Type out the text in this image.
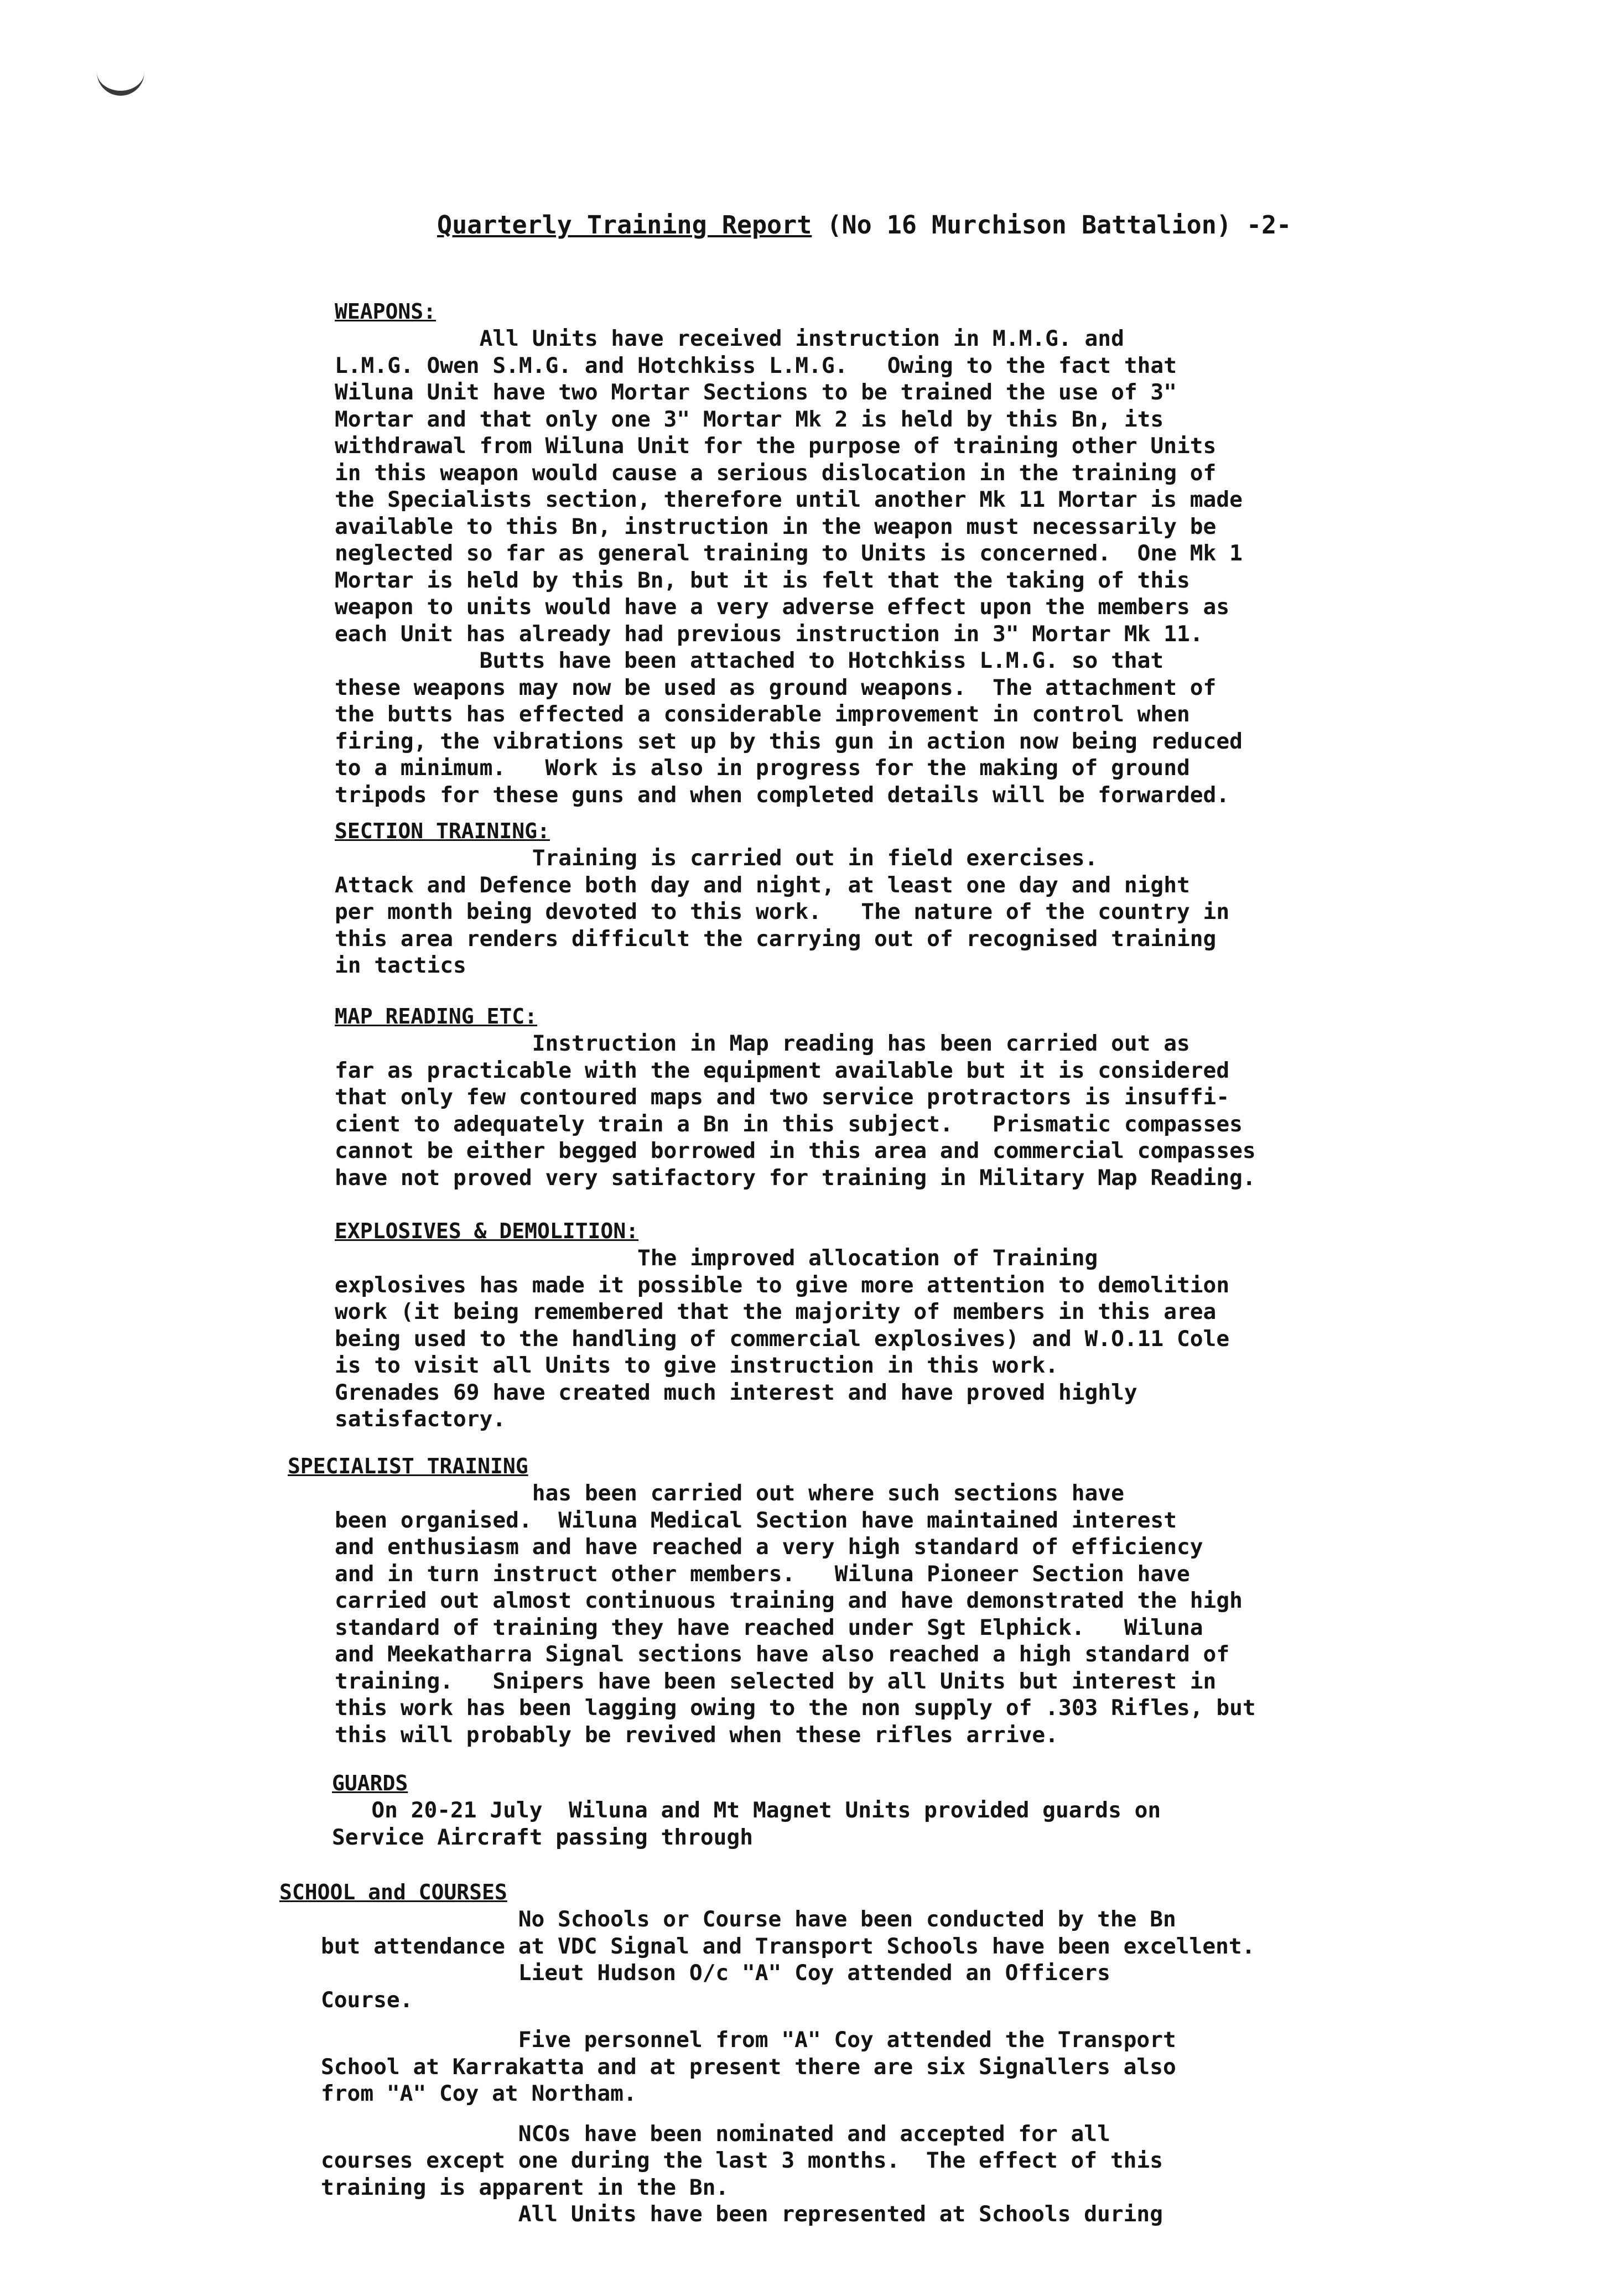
Quarterly Training Report (No 16 Murchison Battalion) -2-
WEAPONS:
All Units have received instruction in M.M.G. and
L.M.G. Owen S.M.G. and Hotchkiss L.M.G.   Owing to the fact that
Wiluna Unit have two Mortar Sections to be trained the use of 3"
Mortar and that only one 3" Mortar Mk 2 is held by this Bn, its
withdrawal from Wiluna Unit for the purpose of training other Units
in this weapon would cause a serious dislocation in the training of
the Specialists section, therefore until another Mk 11 Mortar is made
available to this Bn, instruction in the weapon must necessarily be
neglected so far as general training to Units is concerned.  One Mk 1
Mortar is held by this Bn, but it is felt that the taking of this
weapon to units would have a very adverse effect upon the members as
each Unit has already had previous instruction in 3" Mortar Mk 11.
Butts have been attached to Hotchkiss L.M.G. so that
these weapons may now be used as ground weapons.  The attachment of
the butts has effected a considerable improvement in control when
firing, the vibrations set up by this gun in action now being reduced
to a minimum.   Work is also in progress for the making of ground
tripods for these guns and when completed details will be forwarded.
SECTION TRAINING:
Training is carried out in field exercises.
Attack and Defence both day and night, at least one day and night
per month being devoted to this work.   The nature of the country in
this area renders difficult the carrying out of recognised training
in tactics
MAP READING ETC:
Instruction in Map reading has been carried out as
far as practicable with the equipment available but it is considered
that only few contoured maps and two service protractors is insuffi-
cient to adequately train a Bn in this subject.   Prismatic compasses
cannot be either begged borrowed in this area and commercial compasses
have not proved very satifactory for training in Military Map Reading.
EXPLOSIVES & DEMOLITION:
The improved allocation of Training
explosives has made it possible to give more attention to demolition
work (it being remembered that the majority of members in this area
being used to the handling of commercial explosives) and W.O.11 Cole
is to visit all Units to give instruction in this work.
Grenades 69 have created much interest and have proved highly
satisfactory.
SPECIALIST TRAINING
has been carried out where such sections have
been organised.  Wiluna Medical Section have maintained interest
and enthusiasm and have reached a very high standard of efficiency
and in turn instruct other members.   Wiluna Pioneer Section have
carried out almost continuous training and have demonstrated the high
standard of training they have reached under Sgt Elphick.   Wiluna
and Meekatharra Signal sections have also reached a high standard of
training.   Snipers have been selected by all Units but interest in
this work has been lagging owing to the non supply of .303 Rifles, but
this will probably be revived when these rifles arrive.
GUARDS
On 20-21 July  Wiluna and Mt Magnet Units provided guards on
Service Aircraft passing through
SCHOOL and COURSES
No Schools or Course have been conducted by the Bn
but attendance at VDC Signal and Transport Schools have been excellent.
Lieut Hudson O/c "A" Coy attended an Officers
Course.
Five personnel from "A" Coy attended the Transport
School at Karrakatta and at present there are six Signallers also
from "A" Coy at Northam.
NCOs have been nominated and accepted for all
courses except one during the last 3 months.  The effect of this
training is apparent in the Bn.
All Units have been represented at Schools during
